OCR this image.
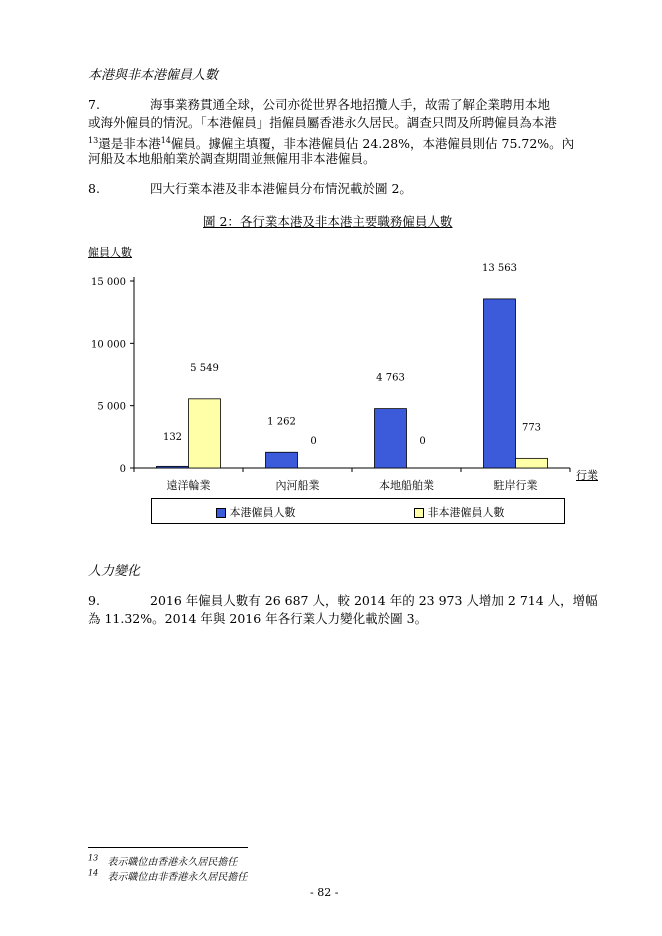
本港與非本港僱員人數
7.	海事業務貫通全球，公司亦從世界各地招攬人手，故需了解企業聘用本地
或海外僱員的情況。「本港僱員」指僱員屬香港永久居民。調查只問及所聘僱員為本港
$^{13}$還是非本港$^{14}$僱員。據僱主填覆，非本港僱員佔 24.28%，本港僱員則佔 75.72%。內
河船及本地船舶業於調查期間並無僱用非本港僱員。
8.	四大行業本港及非本港僱員分布情況載於圖 2。
圖 2：各行業本港及非本港主要職務僱員人數
僱員人數
0
5 000
10 000
15 000
遠洋輪業
132
5 549
內河船業
1 262
0
本地船舶業
4 763
0
駐岸行業
13 563
773
行業
本港僱員人數	非本港僱員人數
人力變化
9.	2016 年僱員人數有 26 687 人，較 2014 年的 23 973 人增加 2 714 人，增幅
為 11.32%。2014 年與 2016 年各行業人力變化載於圖 3。
$^{13}$ 表示職位由香港永久居民擔任
$^{14}$ 表示職位由非香港永久居民擔任
- 82 -
